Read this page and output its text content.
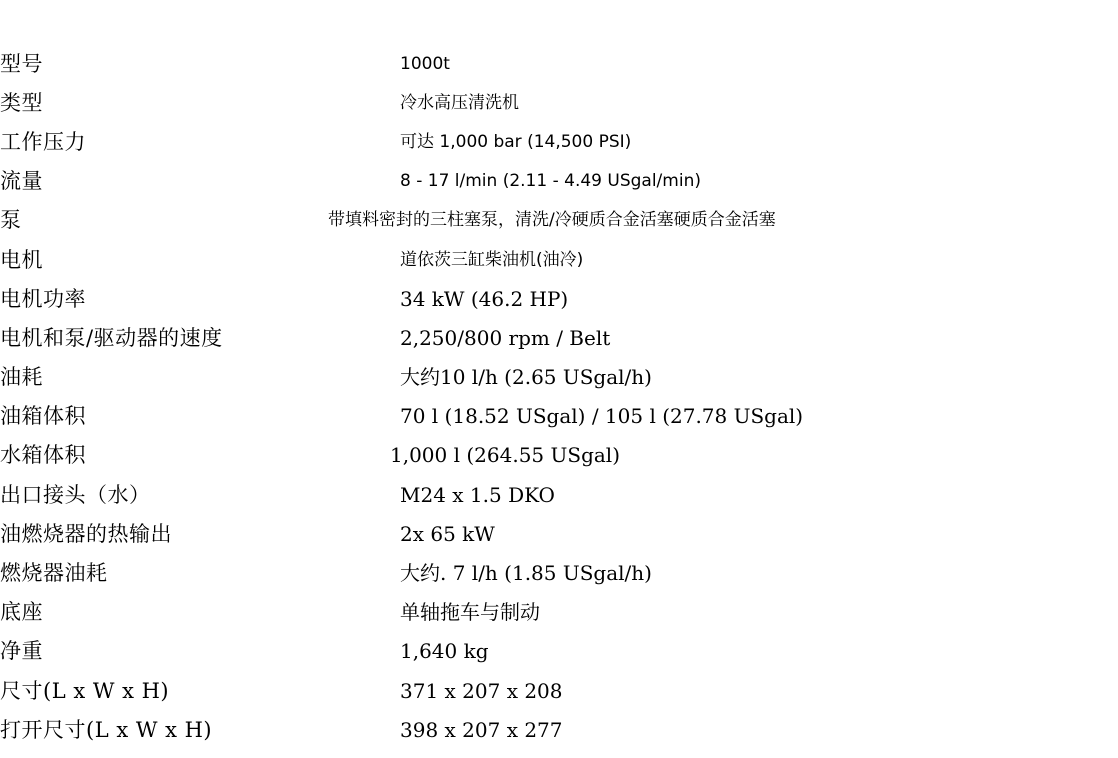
型号	1000t
类型	冷水高压清洗机
工作压力	可达 1,000 bar (14,500 PSI)
流量	8 - 17 l/min (2.11 - 4.49 USgal/min)
泵	带填料密封的三柱塞泵，清洗/冷硬质合金活塞硬质合金活塞
电机	道依茨三缸柴油机(油冷)
电机功率	34 kW (46.2 HP)
电机和泵/驱动器的速度	2,250/800 rpm / Belt
油耗	大约10 l/h (2.65 USgal/h)
油箱体积	70 l (18.52 USgal) / 105 l (27.78 USgal)
水箱体积	1,000 l (264.55 USgal)
出口接头（水）	M24 x 1.5 DKO
油燃烧器的热输出	2x 65 kW
燃烧器油耗	大约. 7 l/h (1.85 USgal/h)
底座	单轴拖车与制动
净重	1,640 kg
尺寸(L x W x H)	371 x 207 x 208
打开尺寸(L x W x H)	398 x 207 x 277
